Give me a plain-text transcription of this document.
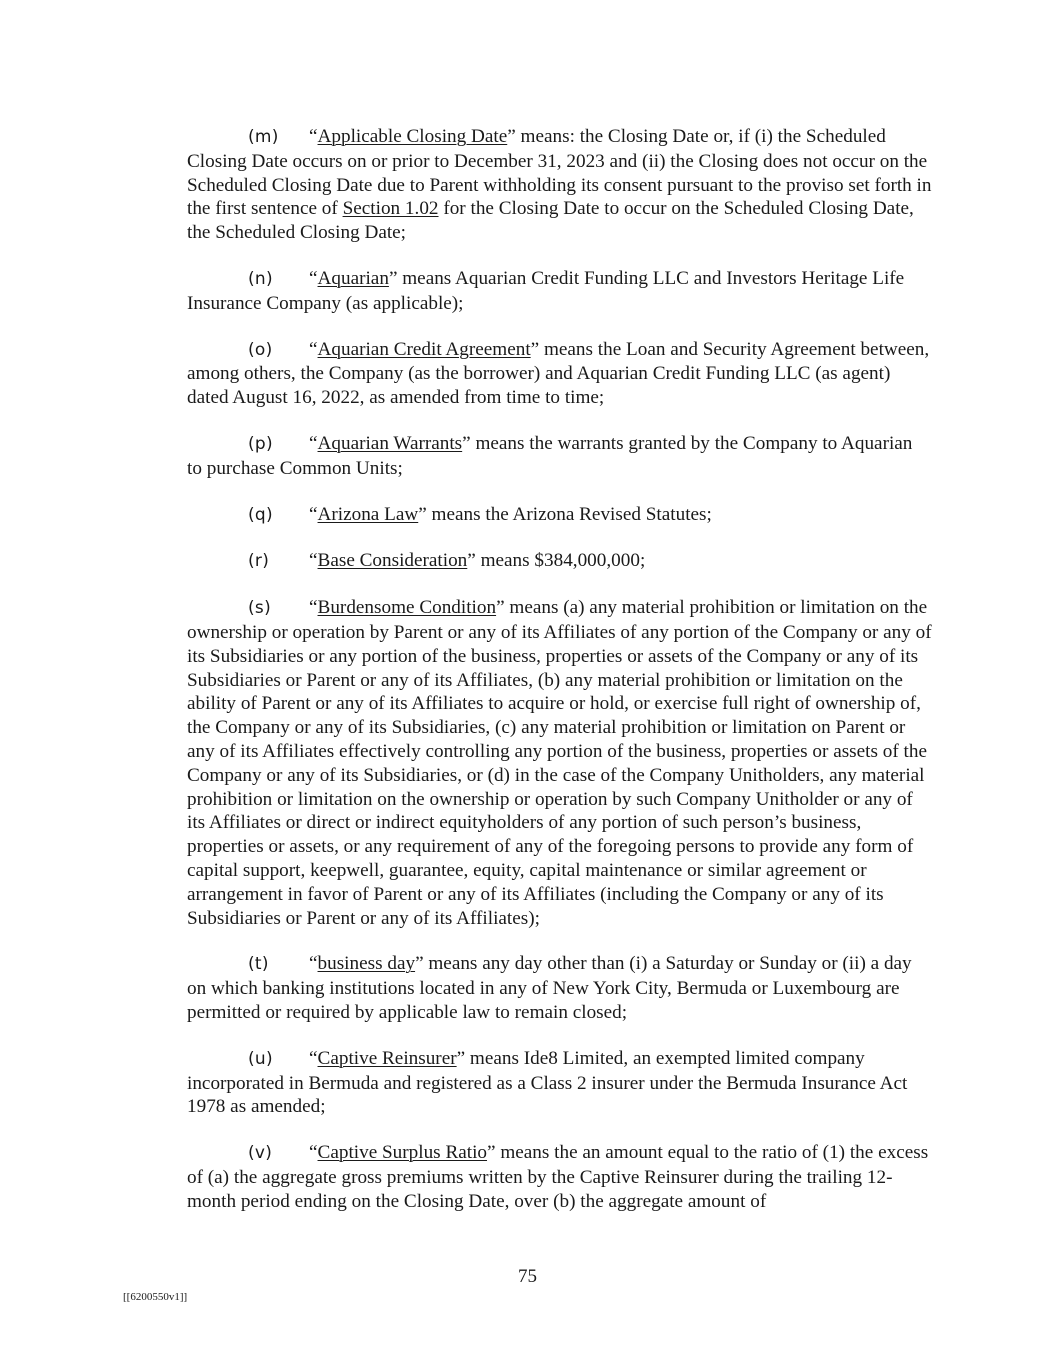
(m) “Applicable Closing Date” means: the Closing Date or, if (i) the Scheduled Closing Date occurs on or prior to December 31, 2023 and (ii) the Closing does not occur on the Scheduled Closing Date due to Parent withholding its consent pursuant to the proviso set forth in the first sentence of Section 1.02 for the Closing Date to occur on the Scheduled Closing Date, the Scheduled Closing Date;

(n) “Aquarian” means Aquarian Credit Funding LLC and Investors Heritage Life Insurance Company (as applicable);

(o) “Aquarian Credit Agreement” means the Loan and Security Agreement between, among others, the Company (as the borrower) and Aquarian Credit Funding LLC (as agent) dated August 16, 2022, as amended from time to time;

(p) “Aquarian Warrants” means the warrants granted by the Company to Aquarian to purchase Common Units;

(q) “Arizona Law” means the Arizona Revised Statutes;

(r) “Base Consideration” means $384,000,000;

(s) “Burdensome Condition” means (a) any material prohibition or limitation on the ownership or operation by Parent or any of its Affiliates of any portion of the Company or any of its Subsidiaries or any portion of the business, properties or assets of the Company or any of its Subsidiaries or Parent or any of its Affiliates, (b) any material prohibition or limitation on the ability of Parent or any of its Affiliates to acquire or hold, or exercise full right of ownership of, the Company or any of its Subsidiaries, (c) any material prohibition or limitation on Parent or any of its Affiliates effectively controlling any portion of the business, properties or assets of the Company or any of its Subsidiaries, or (d) in the case of the Company Unitholders, any material prohibition or limitation on the ownership or operation by such Company Unitholder or any of its Affiliates or direct or indirect equityholders of any portion of such person’s business, properties or assets, or any requirement of any of the foregoing persons to provide any form of capital support, keepwell, guarantee, equity, capital maintenance or similar agreement or arrangement in favor of Parent or any of its Affiliates (including the Company or any of its Subsidiaries or Parent or any of its Affiliates);

(t) “business day” means any day other than (i) a Saturday or Sunday or (ii) a day on which banking institutions located in any of New York City, Bermuda or Luxembourg are permitted or required by applicable law to remain closed;

(u) “Captive Reinsurer” means Ide8 Limited, an exempted limited company incorporated in Bermuda and registered as a Class 2 insurer under the Bermuda Insurance Act 1978 as amended;

(v) “Captive Surplus Ratio” means the an amount equal to the ratio of (1) the excess of (a) the aggregate gross premiums written by the Captive Reinsurer during the trailing 12-month period ending on the Closing Date, over (b) the aggregate amount of

75
[[6200550v1]]
